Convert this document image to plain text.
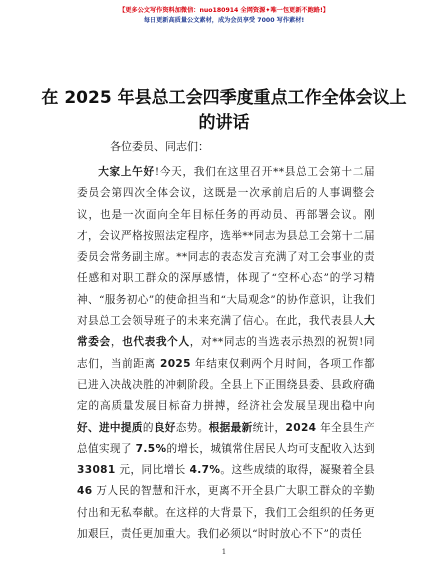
【更多公文写作资料加微信：nuo180914 全网资源✦唯一包更新不跑路!】
每日更新高质量公文素材，成为会员享受 7000 写作素材!
在 2025 年县总工会四季度重点工作全体会议上的讲话
各位委员、同志们：

大家上午好!今天，我们在这里召开**县总工会第十二届委员会第四次全体会议，这既是一次承前启后的人事调整会议，也是一次面向全年目标任务的再动员、再部署会议。刚才，会议严格按照法定程序，选举**同志为县总工会第十二届委员会常务副主席。**同志的表态发言充满了对工会事业的责任感和对职工群众的深厚感情，体现了“空杯心态”的学习精神、“服务初心”的使命担当和“大局观念”的协作意识，让我们对县总工会领导班子的未来充满了信心。在此，我代表县人大常委会，也代表我个人，对**同志的当选表示热烈的祝贺!同志们，当前距离 2025 年结束仅剩两个月时间，各项工作都已进入决战决胜的冲刺阶段。全县上下正围绕县委、县政府确定的高质量发展目标奋力拼搏，经济社会发展呈现出稳中向好、进中提质的良好态势。根据最新统计，2024 年全县生产总值实现了 7.5%的增长，城镇常住居民人均可支配收入达到 33081 元，同比增长 4.7%。这些成绩的取得，凝聚着全县 46 万人民的智慧和汗水，更离不开全县广大职工群众的辛勤付出和无私奉献。在这样的大背景下，我们工会组织的任务更加艰巨，责任更加重大。我们必须以“时时放心不下”的责任

1
